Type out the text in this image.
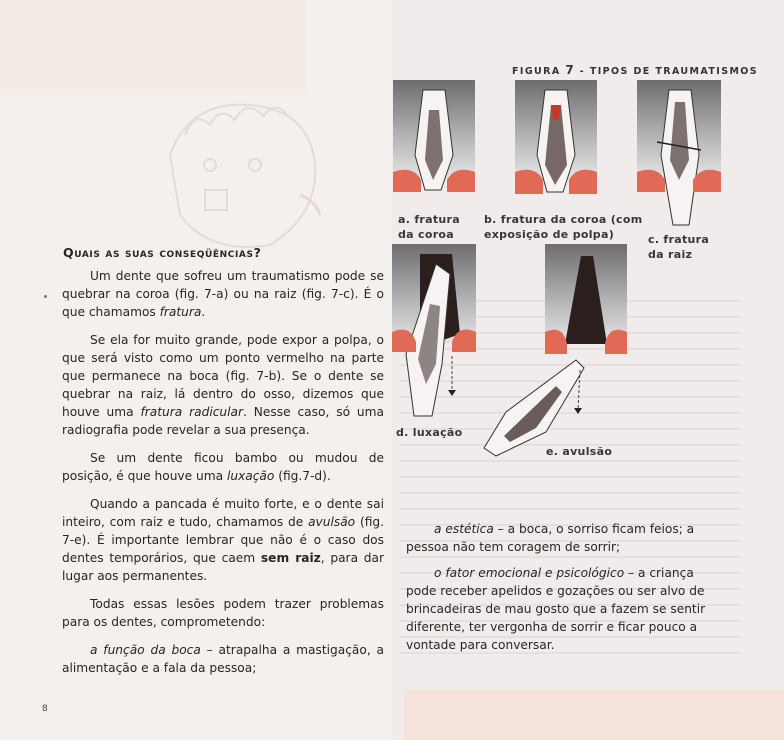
FIGURA 7 - TIPOS DE TRAUMATISMOS
a. fratura
da coroa
b. fratura da coroa (com
exposição de polpa)	c. fratura
da raiz
d. luxação
e. avulsão
Quais as suas conseqüências?

Um dente que sofreu um traumatismo pode se quebrar na coroa (fig. 7-a) ou na raiz (fig. 7-c). É o que chamamos fratura.

Se ela for muito grande, pode expor a polpa, o que será visto como um ponto vermelho na parte que permanece na boca (fig. 7-b). Se o dente se quebrar na raiz, lá dentro do osso, dizemos que houve uma fratura radicular. Nesse caso, só uma radiografia pode revelar a sua presença.

Se um dente ficou bambo ou mudou de posição, é que houve uma luxação (fig.7-d).

Quando a pancada é muito forte, e o dente sai inteiro, com raiz e tudo, chamamos de avulsão (fig. 7-e). É importante lembrar que não é o caso dos dentes temporários, que caem sem raiz, para dar lugar aos permanentes.

Todas essas lesões podem trazer problemas para os dentes, comprometendo:

a função da boca – atrapalha a mastigação, a alimentação e a fala da pessoa;

a estética – a boca, o sorriso ficam feios; a pessoa não tem coragem de sorrir;

o fator emocional e psicológico – a criança pode receber apelidos e gozações ou ser alvo de brincadeiras de mau gosto que a fazem se sentir diferente, ter vergonha de sorrir e ficar pouco a vontade para conversar.

8
